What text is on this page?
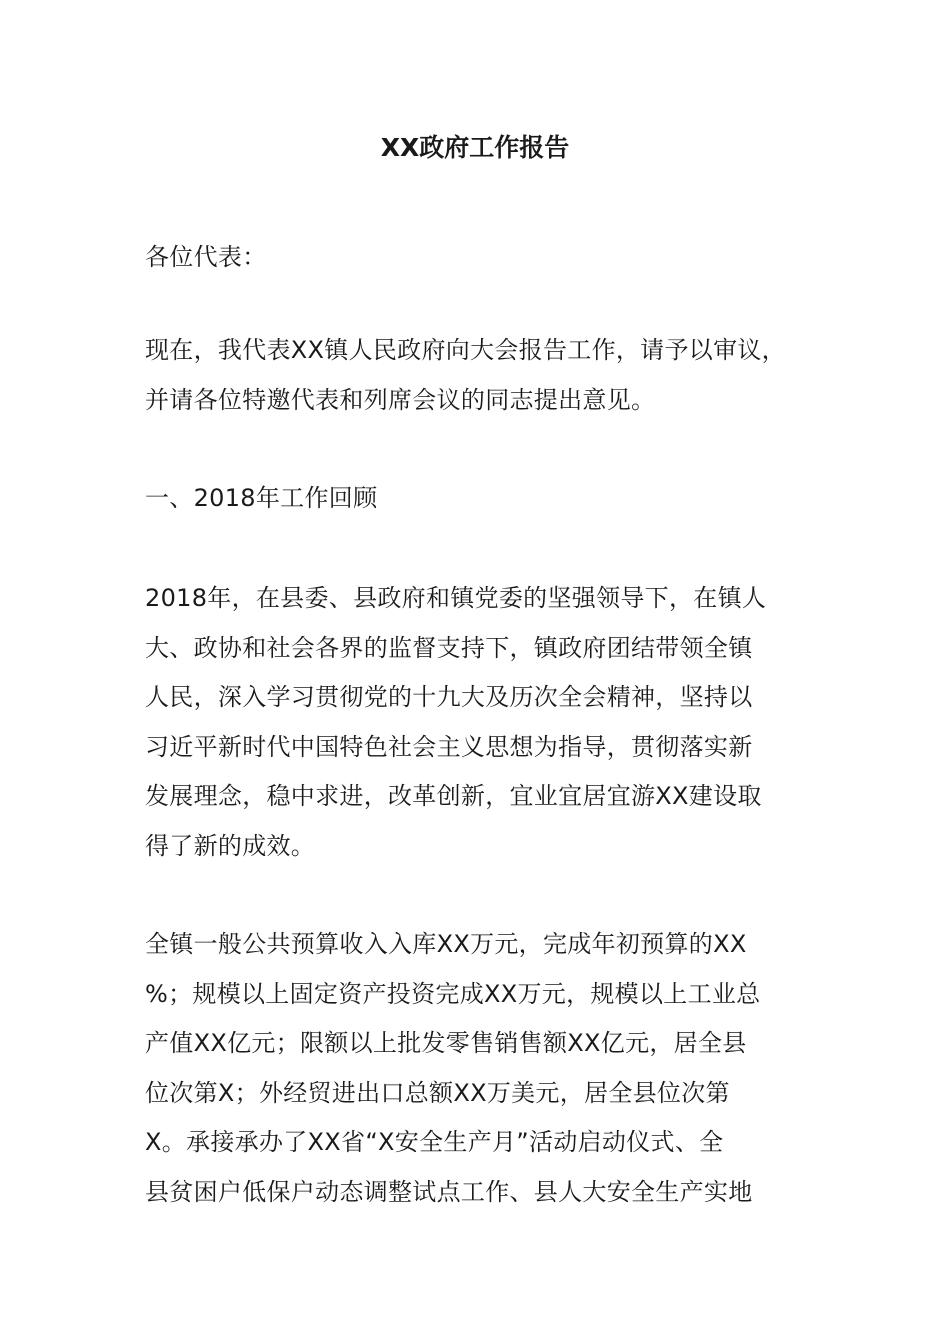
XX政府工作报告

各位代表：

现在，我代表XX镇人民政府向大会报告工作，请予以审议，
并请各位特邀代表和列席会议的同志提出意见。

一、2018年工作回顾

2018年，在县委、县政府和镇党委的坚强领导下，在镇人
大、政协和社会各界的监督支持下，镇政府团结带领全镇
人民，深入学习贯彻党的十九大及历次全会精神，坚持以
习近平新时代中国特色社会主义思想为指导，贯彻落实新
发展理念，稳中求进，改革创新，宜业宜居宜游XX建设取
得了新的成效。

全镇一般公共预算收入入库XX万元，完成年初预算的XX
%；规模以上固定资产投资完成XX万元，规模以上工业总
产值XX亿元；限额以上批发零售销售额XX亿元，居全县
位次第X；外经贸进出口总额XX万美元，居全县位次第
X。承接承办了XX省“X安全生产月”活动启动仪式、全
县贫困户低保户动态调整试点工作、县人大安全生产实地
